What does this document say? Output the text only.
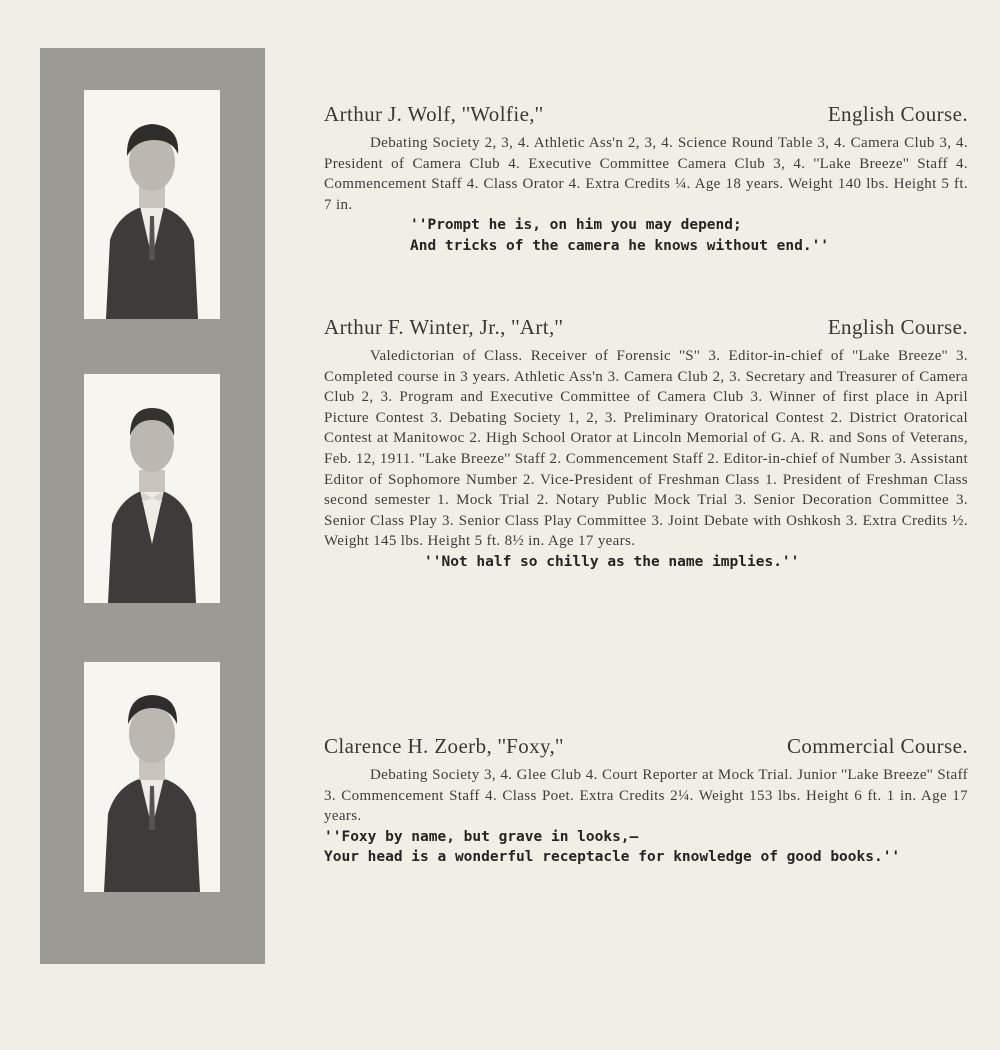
Arthur J. Wolf, ''Wolfie,''	English Course.

Debating Society 2, 3, 4. Athletic Ass'n 2, 3, 4. Science Round Table 3, 4. Camera Club 3, 4. President of Camera Club 4. Executive Committee Camera Club 3, 4. ''Lake Breeze'' Staff 4. Commencement Staff 4. Class Orator 4. Extra Credits ¼. Age 18 years. Weight 140 lbs. Height 5 ft. 7 in.

''Prompt he is, on him you may depend;
And tricks of the camera he knows without end.''
Arthur F. Winter, Jr., ''Art,''	English Course.

Valedictorian of Class. Receiver of Forensic ''S'' 3. Editor-in-chief of ''Lake Breeze'' 3. Completed course in 3 years. Athletic Ass'n 3. Camera Club 2, 3. Secretary and Treasurer of Camera Club 2, 3. Program and Executive Committee of Camera Club 3. Winner of first place in April Picture Contest 3. Debating Society 1, 2, 3. Preliminary Oratorical Contest 2. District Oratorical Contest at Manitowoc 2. High School Orator at Lincoln Memorial of G. A. R. and Sons of Veterans, Feb. 12, 1911. ''Lake Breeze'' Staff 2. Commencement Staff 2. Editor-in-chief of Number 3. Assistant Editor of Sophomore Number 2. Vice-President of Freshman Class 1. President of Freshman Class second semester 1. Mock Trial 2. Notary Public Mock Trial 3. Senior Decoration Committee 3. Senior Class Play 3. Senior Class Play Committee 3. Joint Debate with Oshkosh 3. Extra Credits ½. Weight 145 lbs. Height 5 ft. 8½ in. Age 17 years.

''Not half so chilly as the name implies.''
Clarence H. Zoerb, ''Foxy,''	Commercial Course.

Debating Society 3, 4. Glee Club 4. Court Reporter at Mock Trial. Junior ''Lake Breeze'' Staff 3. Commencement Staff 4. Class Poet. Extra Credits 2¼. Weight 153 lbs. Height 6 ft. 1 in. Age 17 years.

''Foxy by name, but grave in looks,—
Your head is a wonderful receptacle for knowledge of good books.''
